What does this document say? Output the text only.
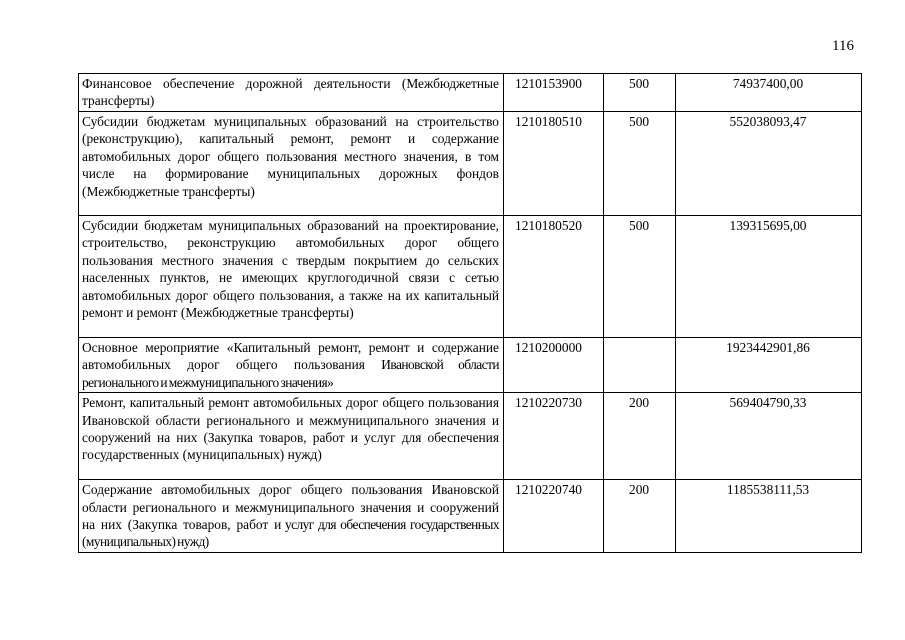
116
Финансовое обеспечение дорожной деятельности (Межбюджетные трансферты)	1210153900	500	74937400,00
Субсидии бюджетам муниципальных образований на строительство (реконструкцию), капитальный ремонт, ремонт и содержание автомобильных дорог общего пользования местного значения, в том числе на формирование муниципальных дорожных фондов (Межбюджетные трансферты)	1210180510	500	552038093,47
Субсидии бюджетам муниципальных образований на проектирование, строительство, реконструкцию автомобильных дорог общего пользования местного значения с твердым покрытием до сельских населенных пунктов, не имеющих круглогодичной связи с сетью автомобильных дорог общего пользования, а также на их капитальный ремонт и ремонт (Межбюджетные трансферты)	1210180520	500	139315695,00
Основное мероприятие «Капитальный ремонт, ремонт и содержание автомобильных дорог общего пользования Ивановской области регионального и межмуниципального значения»	1210200000		1923442901,86
Ремонт, капитальный ремонт автомобильных дорог общего пользования Ивановской области регионального и межмуниципального значения и сооружений на них (Закупка товаров, работ и услуг для обеспечения государственных (муниципальных) нужд)	1210220730	200	569404790,33
Содержание автомобильных дорог общего пользования Ивановской области регионального и межмуниципального значения и сооружений на них (Закупка товаров, работ и услуг для обеспечения государственных (муниципальных) нужд)	1210220740	200	1185538111,53
